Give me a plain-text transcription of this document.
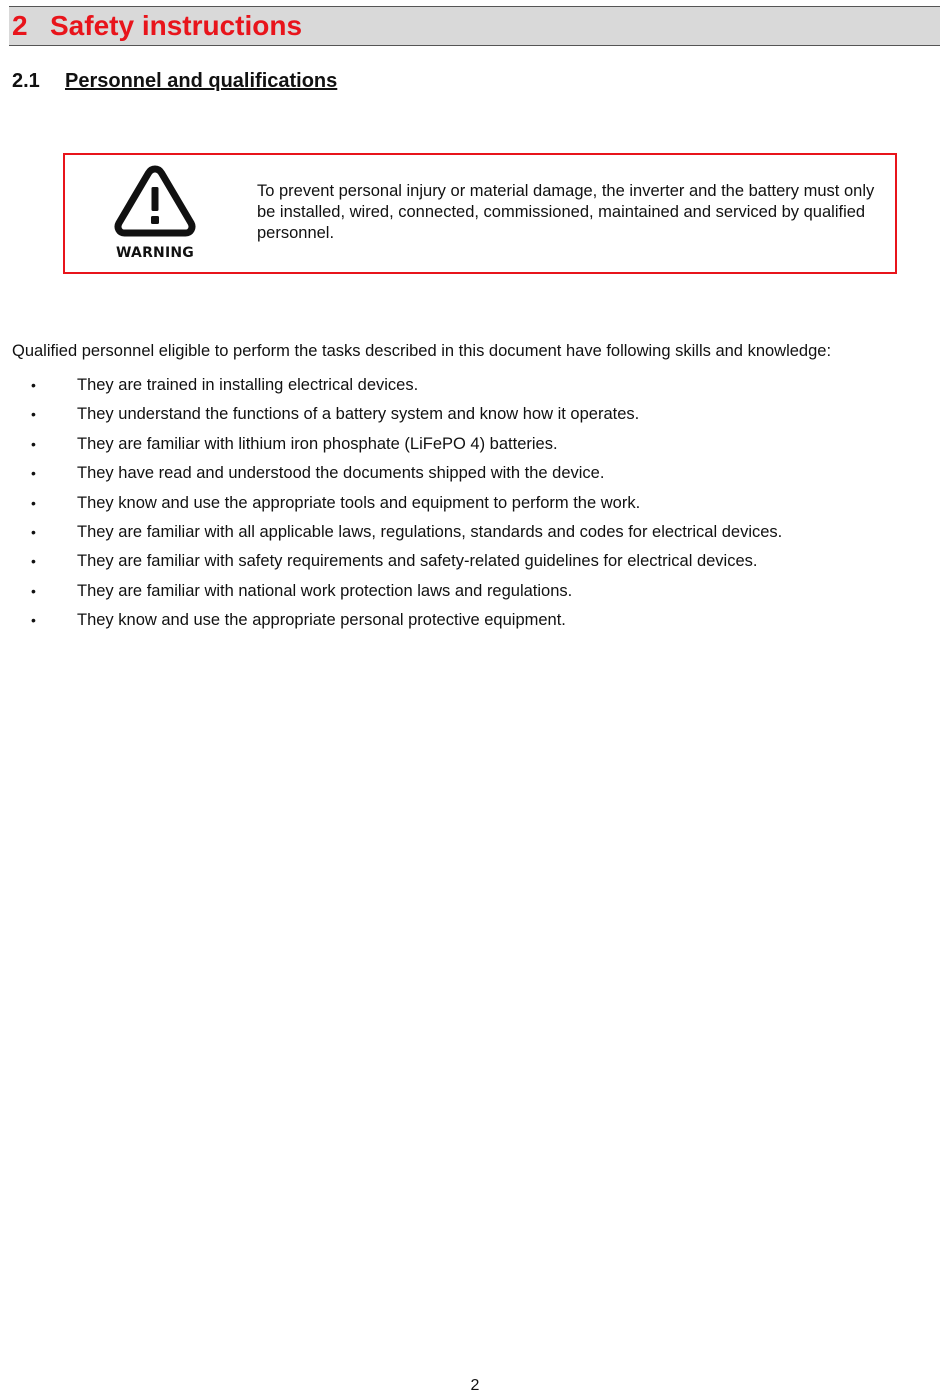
2 Safety instructions
2.1	Personnel and qualifications
WARNING
To prevent personal injury or material damage, the inverter and the battery must only be installed, wired, connected, commissioned, maintained and serviced by qualified personnel.
Qualified personnel eligible to perform the tasks described in this document have following skills and knowledge:
• They are trained in installing electrical devices.
• They understand the functions of a battery system and know how it operates.
• They are familiar with lithium iron phosphate (LiFePO 4) batteries.
• They have read and understood the documents shipped with the device.
• They know and use the appropriate tools and equipment to perform the work.
• They are familiar with all applicable laws, regulations, standards and codes for electrical devices.
• They are familiar with safety requirements and safety-related guidelines for electrical devices.
• They are familiar with national work protection laws and regulations.
• They know and use the appropriate personal protective equipment.
2
